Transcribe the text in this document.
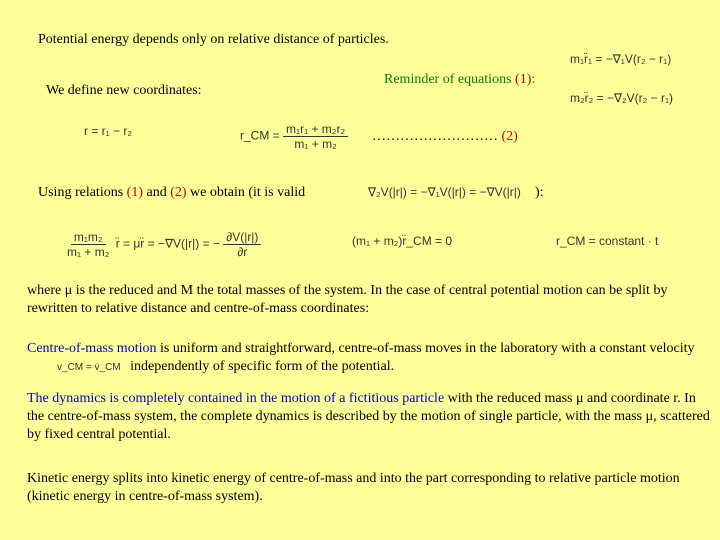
Potential energy depends only on relative distance of particles.
We define new coordinates:
Reminder of equations (1):
m₁r̈₁ = −∇₁V(r₂ − r₁)
m₂r̈₂ = −∇₂V(r₂ − r₁)
r = r₁ − r₂	r_CM = $\frac{\text{m₁r₁ + m₂r₂}}{\text{m₁ + m₂}}$ ……………………… (2)
Using relations (1) and (2) we obtain (it is valid	∇₂V(|r|) = −∇₁V(|r|) = −∇V(|r|) ):
$\frac{\text{m₁m₂}}{\text{m₁ + m₂}}$ r̈ = μr̈ = −∇V(|r|) = − $\frac{\partial V(|r|)}{\partial r}$	(m₁ + m₂)r̈_CM = 0	r_CM = constant · t
where μ is the reduced and M the total masses of the system. In the case of central potential motion can be split by rewritten to relative distance and centre-of-mass coordinates:
Centre-of-mass motion is uniform and straightforward, centre-of-mass moves in the laboratory with a constant velocity v_CM = v̇_CM independently of specific form of the potential.
The dynamics is completely contained in the motion of a fictitious particle with the reduced mass μ and coordinate r. In the centre-of-mass system, the complete dynamics is described by the motion of single particle, with the mass μ, scattered by fixed central potential.
Kinetic energy splits into kinetic energy of centre-of-mass and into the part corresponding to relative particle motion (kinetic energy in centre-of-mass system).
